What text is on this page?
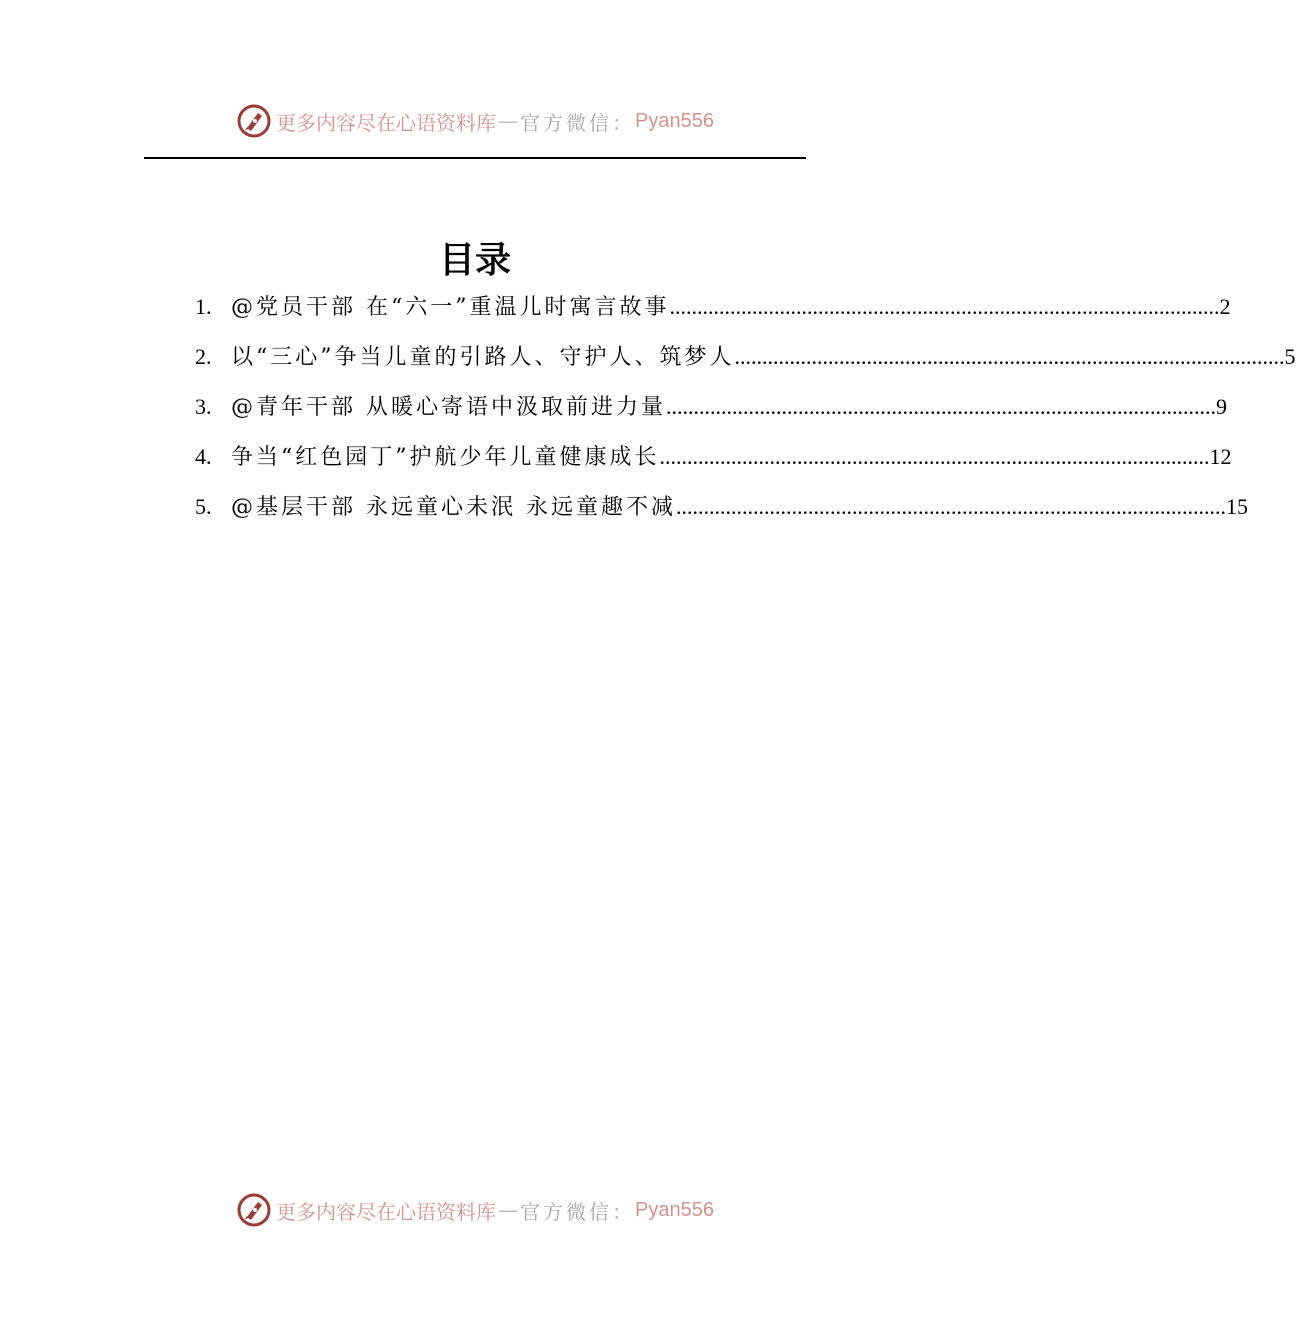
更多内容尽在心语资料库 — 官方微信： Pyan556
目录
1. @党员干部 在“六一”重温儿时寓言故事 .....	2
2. 以“三心”争当儿童的引路人、守护人、筑梦人 .....	5
3. @青年干部 从暖心寄语中汲取前进力量 .....	9
4. 争当“红色园丁”护航少年儿童健康成长 .....	12
5. @基层干部 永远童心未泯 永远童趣不减 .....	15
更多内容尽在心语资料库 — 官方微信： Pyan556
